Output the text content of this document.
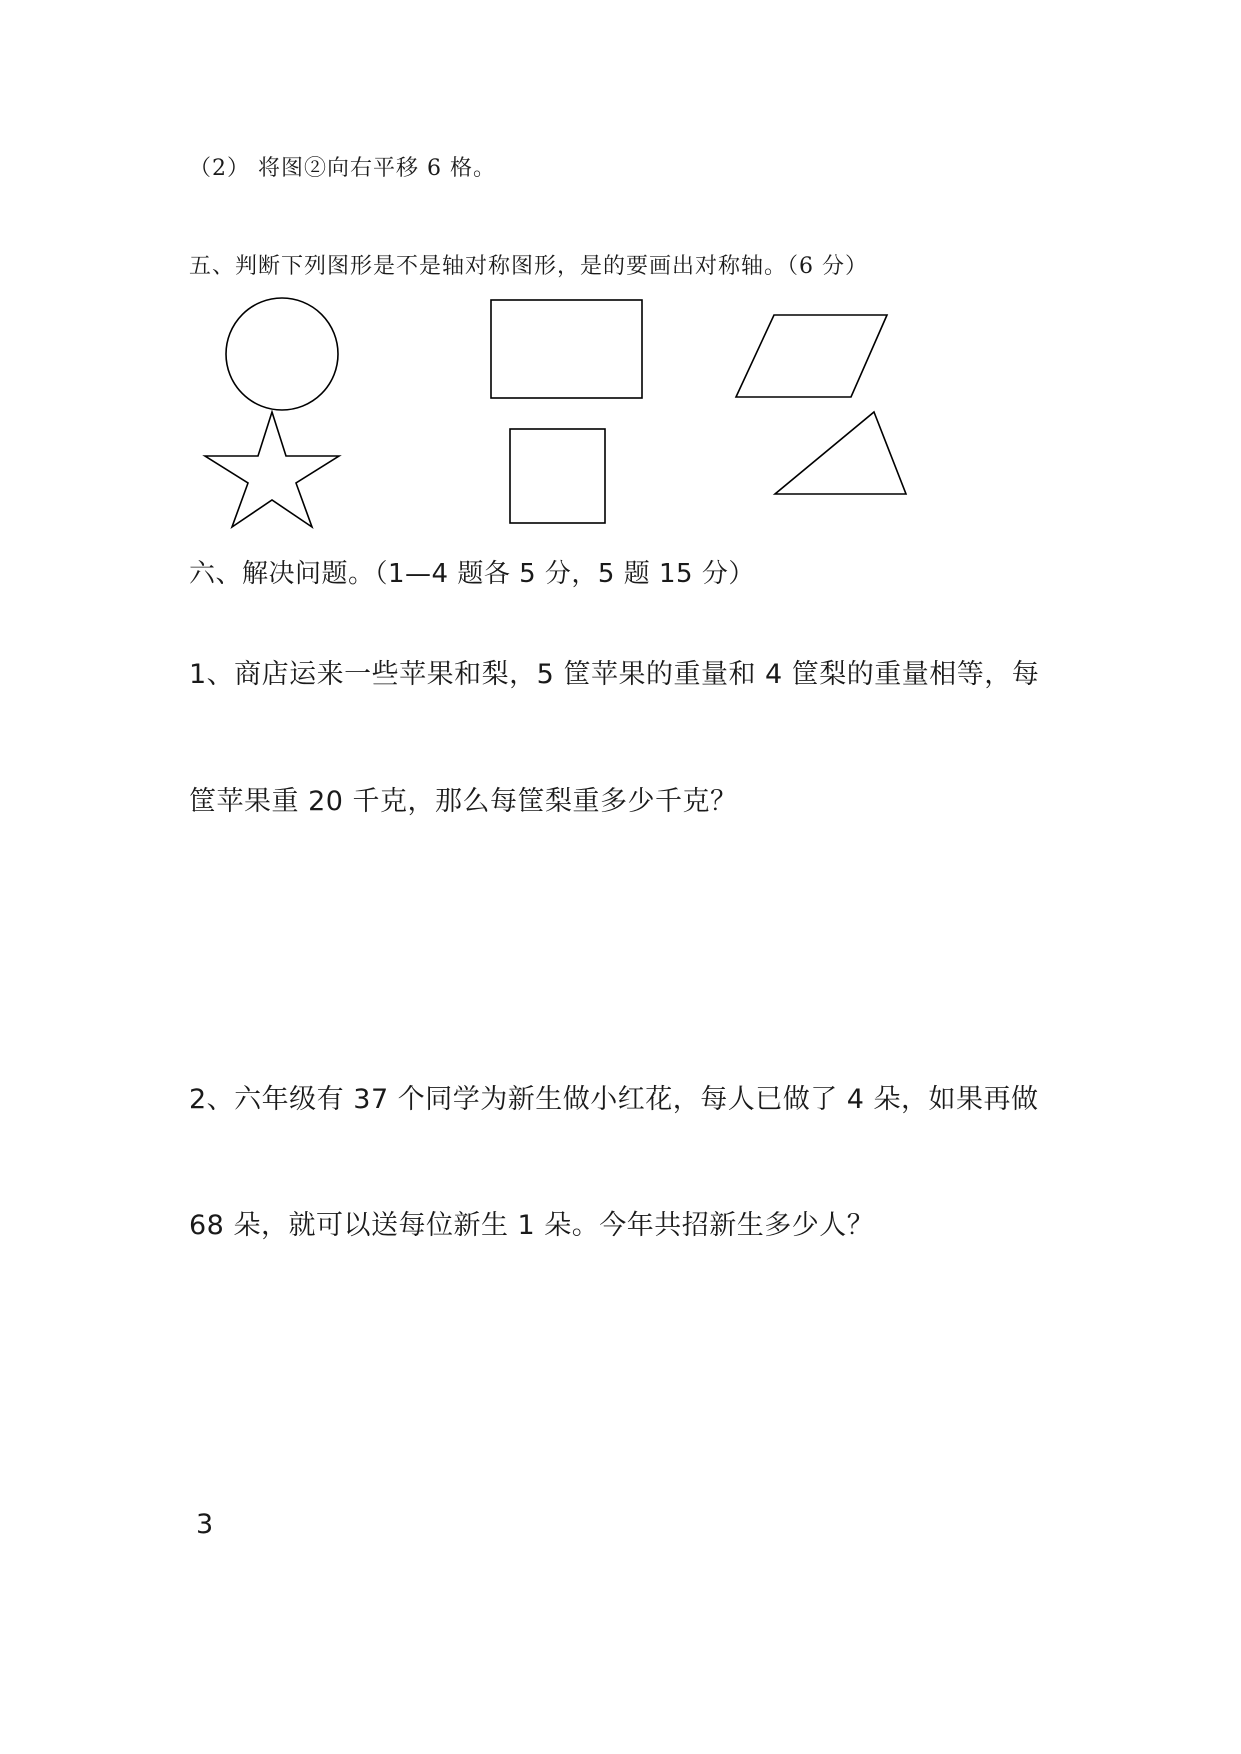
（2） 将图②向右平移 6 格。
五、判断下列图形是不是轴对称图形，是的要画出对称轴。（6 分）
六、解决问题。（1—4 题各 5 分，5 题 15 分）
1、商店运来一些苹果和梨，5 筐苹果的重量和 4 筐梨的重量相等，每
筐苹果重 20 千克，那么每筐梨重多少千克？
2、六年级有 37 个同学为新生做小红花，每人已做了 4 朵，如果再做
68 朵，就可以送每位新生 1 朵。今年共招新生多少人？
3
